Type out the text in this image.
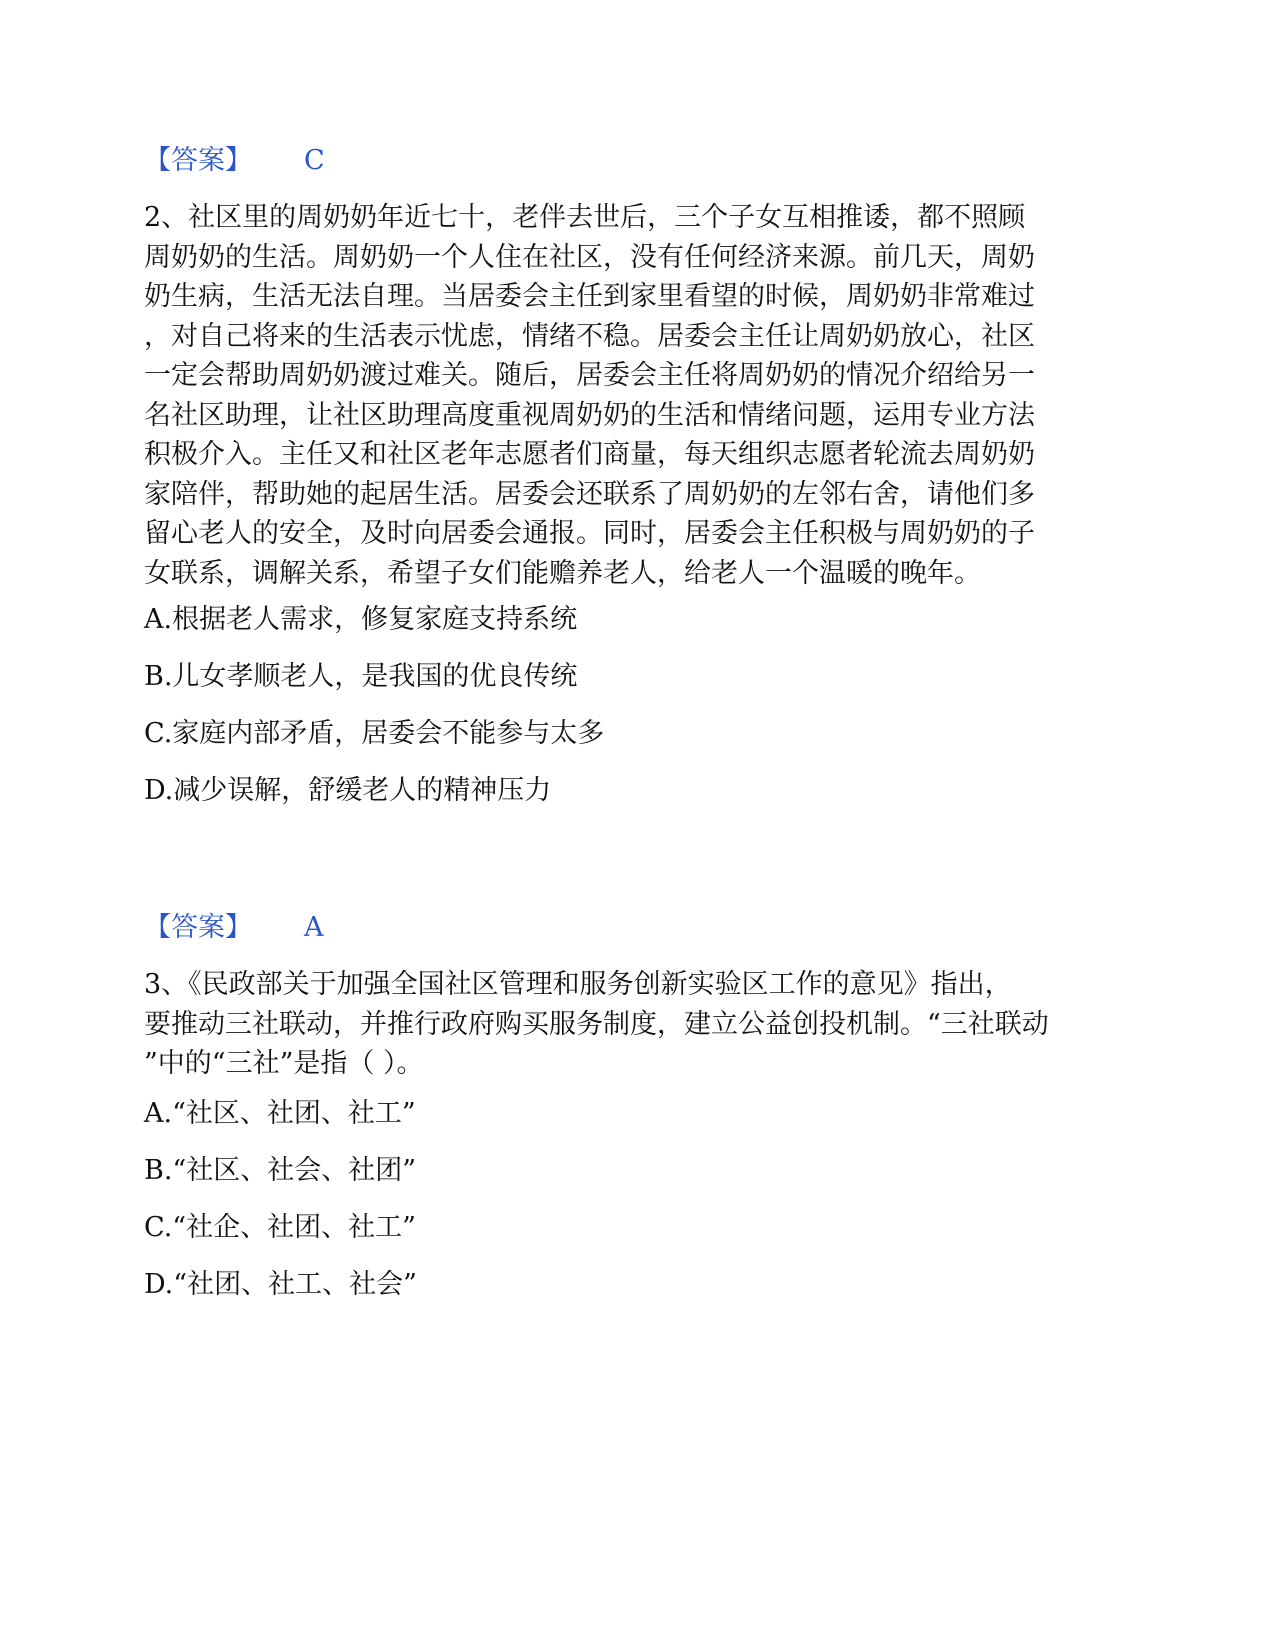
【答案】 C

2、社区里的周奶奶年近七十，老伴去世后，三个子女互相推诿，都不照顾

周奶奶的生活。周奶奶一个人住在社区，没有任何经济来源。前几天，周奶

奶生病，生活无法自理。当居委会主任到家里看望的时候，周奶奶非常难过

，对自己将来的生活表示忧虑，情绪不稳。居委会主任让周奶奶放心，社区

一定会帮助周奶奶渡过难关。随后，居委会主任将周奶奶的情况介绍给另一

名社区助理，让社区助理高度重视周奶奶的生活和情绪问题，运用专业方法

积极介入。主任又和社区老年志愿者们商量，每天组织志愿者轮流去周奶奶

家陪伴，帮助她的起居生活。居委会还联系了周奶奶的左邻右舍，请他们多

留心老人的安全，及时向居委会通报。同时，居委会主任积极与周奶奶的子

女联系，调解关系，希望子女们能赡养老人，给老人一个温暖的晚年。

A.根据老人需求，修复家庭支持系统
B.儿女孝顺老人，是我国的优良传统
C.家庭内部矛盾，居委会不能参与太多
D.减少误解，舒缓老人的精神压力
【答案】 A

3、《民政部关于加强全国社区管理和服务创新实验区工作的意见》指出，

要推动三社联动，并推行政府购买服务制度，建立公益创投机制。“三社联动

”中的“三社”是指（ ）。

A.“社区、社团、社工”
B.“社区、社会、社团”
C.“社企、社团、社工”
D.“社团、社工、社会”
